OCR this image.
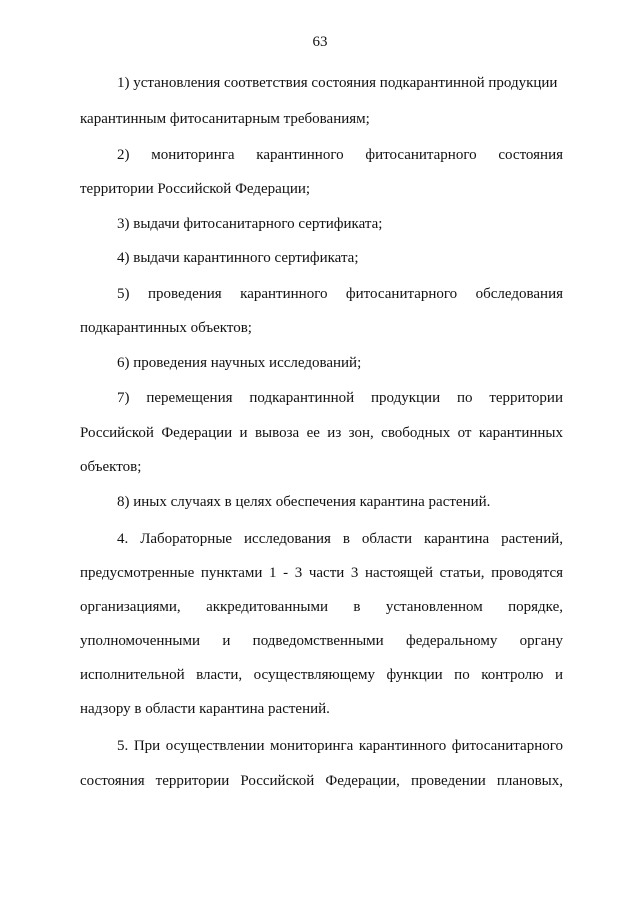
63
1) установления соответствия состояния подкарантинной продукции
карантинным фитосанитарным требованиям;
2) мониторинга карантинного фитосанитарного состояния
территории Российской Федерации;
3) выдачи фитосанитарного сертификата;
4) выдачи карантинного сертификата;
5) проведения карантинного фитосанитарного обследования
подкарантинных объектов;
6) проведения научных исследований;
7) перемещения подкарантинной продукции по территории
Российской Федерации и вывоза ее из зон, свободных от карантинных
объектов;
8) иных случаях в целях обеспечения карантина растений.
4. Лабораторные исследования в области карантина растений,
предусмотренные пунктами 1 - 3 части 3 настоящей статьи, проводятся
организациями, аккредитованными в установленном порядке,
уполномоченными и подведомственными федеральному органу
исполнительной власти, осуществляющему функции по контролю и
надзору в области карантина растений.
5. При осуществлении мониторинга карантинного фитосанитарного
состояния территории Российской Федерации, проведении плановых,
